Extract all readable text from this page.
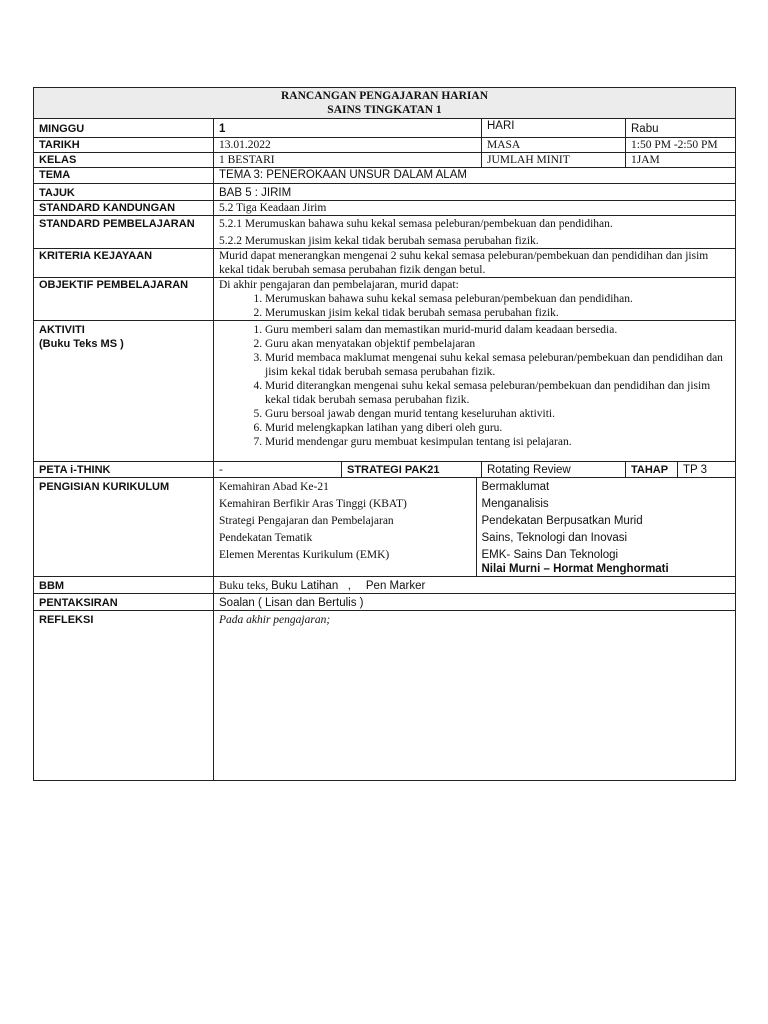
RANCANGAN PENGAJARAN HARIAN
SAINS TINGKATAN 1

MINGGU	1	HARI	Rabu
TARIKH	13.01.2022	MASA	1:50 PM -2:50 PM
KELAS	1 BESTARI	JUMLAH MINIT	1JAM
TEMA	TEMA 3: PENEROKAAN UNSUR DALAM ALAM
TAJUK	BAB 5 : JIRIM
STANDARD KANDUNGAN	5.2 Tiga Keadaan Jirim
STANDARD PEMBELAJARAN	5.2.1 Merumuskan bahawa suhu kekal semasa peleburan/pembekuan dan pendidihan.

5.2.2 Merumuskan jisim kekal tidak berubah semasa perubahan fizik.

KRITERIA KEJAYAAN	Murid dapat menerangkan mengenai 2 suhu kekal semasa peleburan/pembekuan dan pendidihan dan jisim kekal tidak berubah semasa perubahan fizik dengan betul.
OBJEKTIF PEMBELAJARAN	Di akhir pengajaran dan pembelajaran, murid dapat:

1. Merumuskan bahawa suhu kekal semasa peleburan/pembekuan dan pendidihan.
2. Merumuskan jisim kekal tidak berubah semasa perubahan fizik.

AKTIVITI
(Buku Teks MS )

1. Guru memberi salam dan memastikan murid-murid dalam keadaan bersedia.
2. Guru akan menyatakan objektif pembelajaran
3. Murid membaca maklumat mengenai suhu kekal semasa peleburan/pembekuan dan pendidihan dan jisim kekal tidak berubah semasa perubahan fizik.
4. Murid diterangkan mengenai suhu kekal semasa peleburan/pembekuan dan pendidihan dan jisim kekal tidak berubah semasa perubahan fizik.
5. Guru bersoal jawab dengan murid tentang keseluruhan aktiviti.
6. Murid melengkapkan latihan yang diberi oleh guru.
7. Murid mendengar guru membuat kesimpulan tentang isi pelajaran.

PETA i-THINK	-	STRATEGI PAK21	Rotating Review	TAHAP	TP 3
PENGISIAN KURIKULUM		Kemahiran Abad Ke-21	Bermaklumat
Kemahiran Berfikir Aras Tinggi (KBAT)	Menganalisis
Strategi Pengajaran dan Pembelajaran	Pendekatan Berpusatkan Murid
Pendekatan Tematik	Sains, Teknologi dan Inovasi
Elemen Merentas Kurikulum (EMK)	EMK- Sains Dan Teknologi
Nilai Murni – Hormat Menghormati

BBM	Buku teks, Buku Latihan   , Pen Marker
PENTAKSIRAN	Soalan ( Lisan dan Bertulis )
REFLEKSI	Pada akhir pengajaran;
